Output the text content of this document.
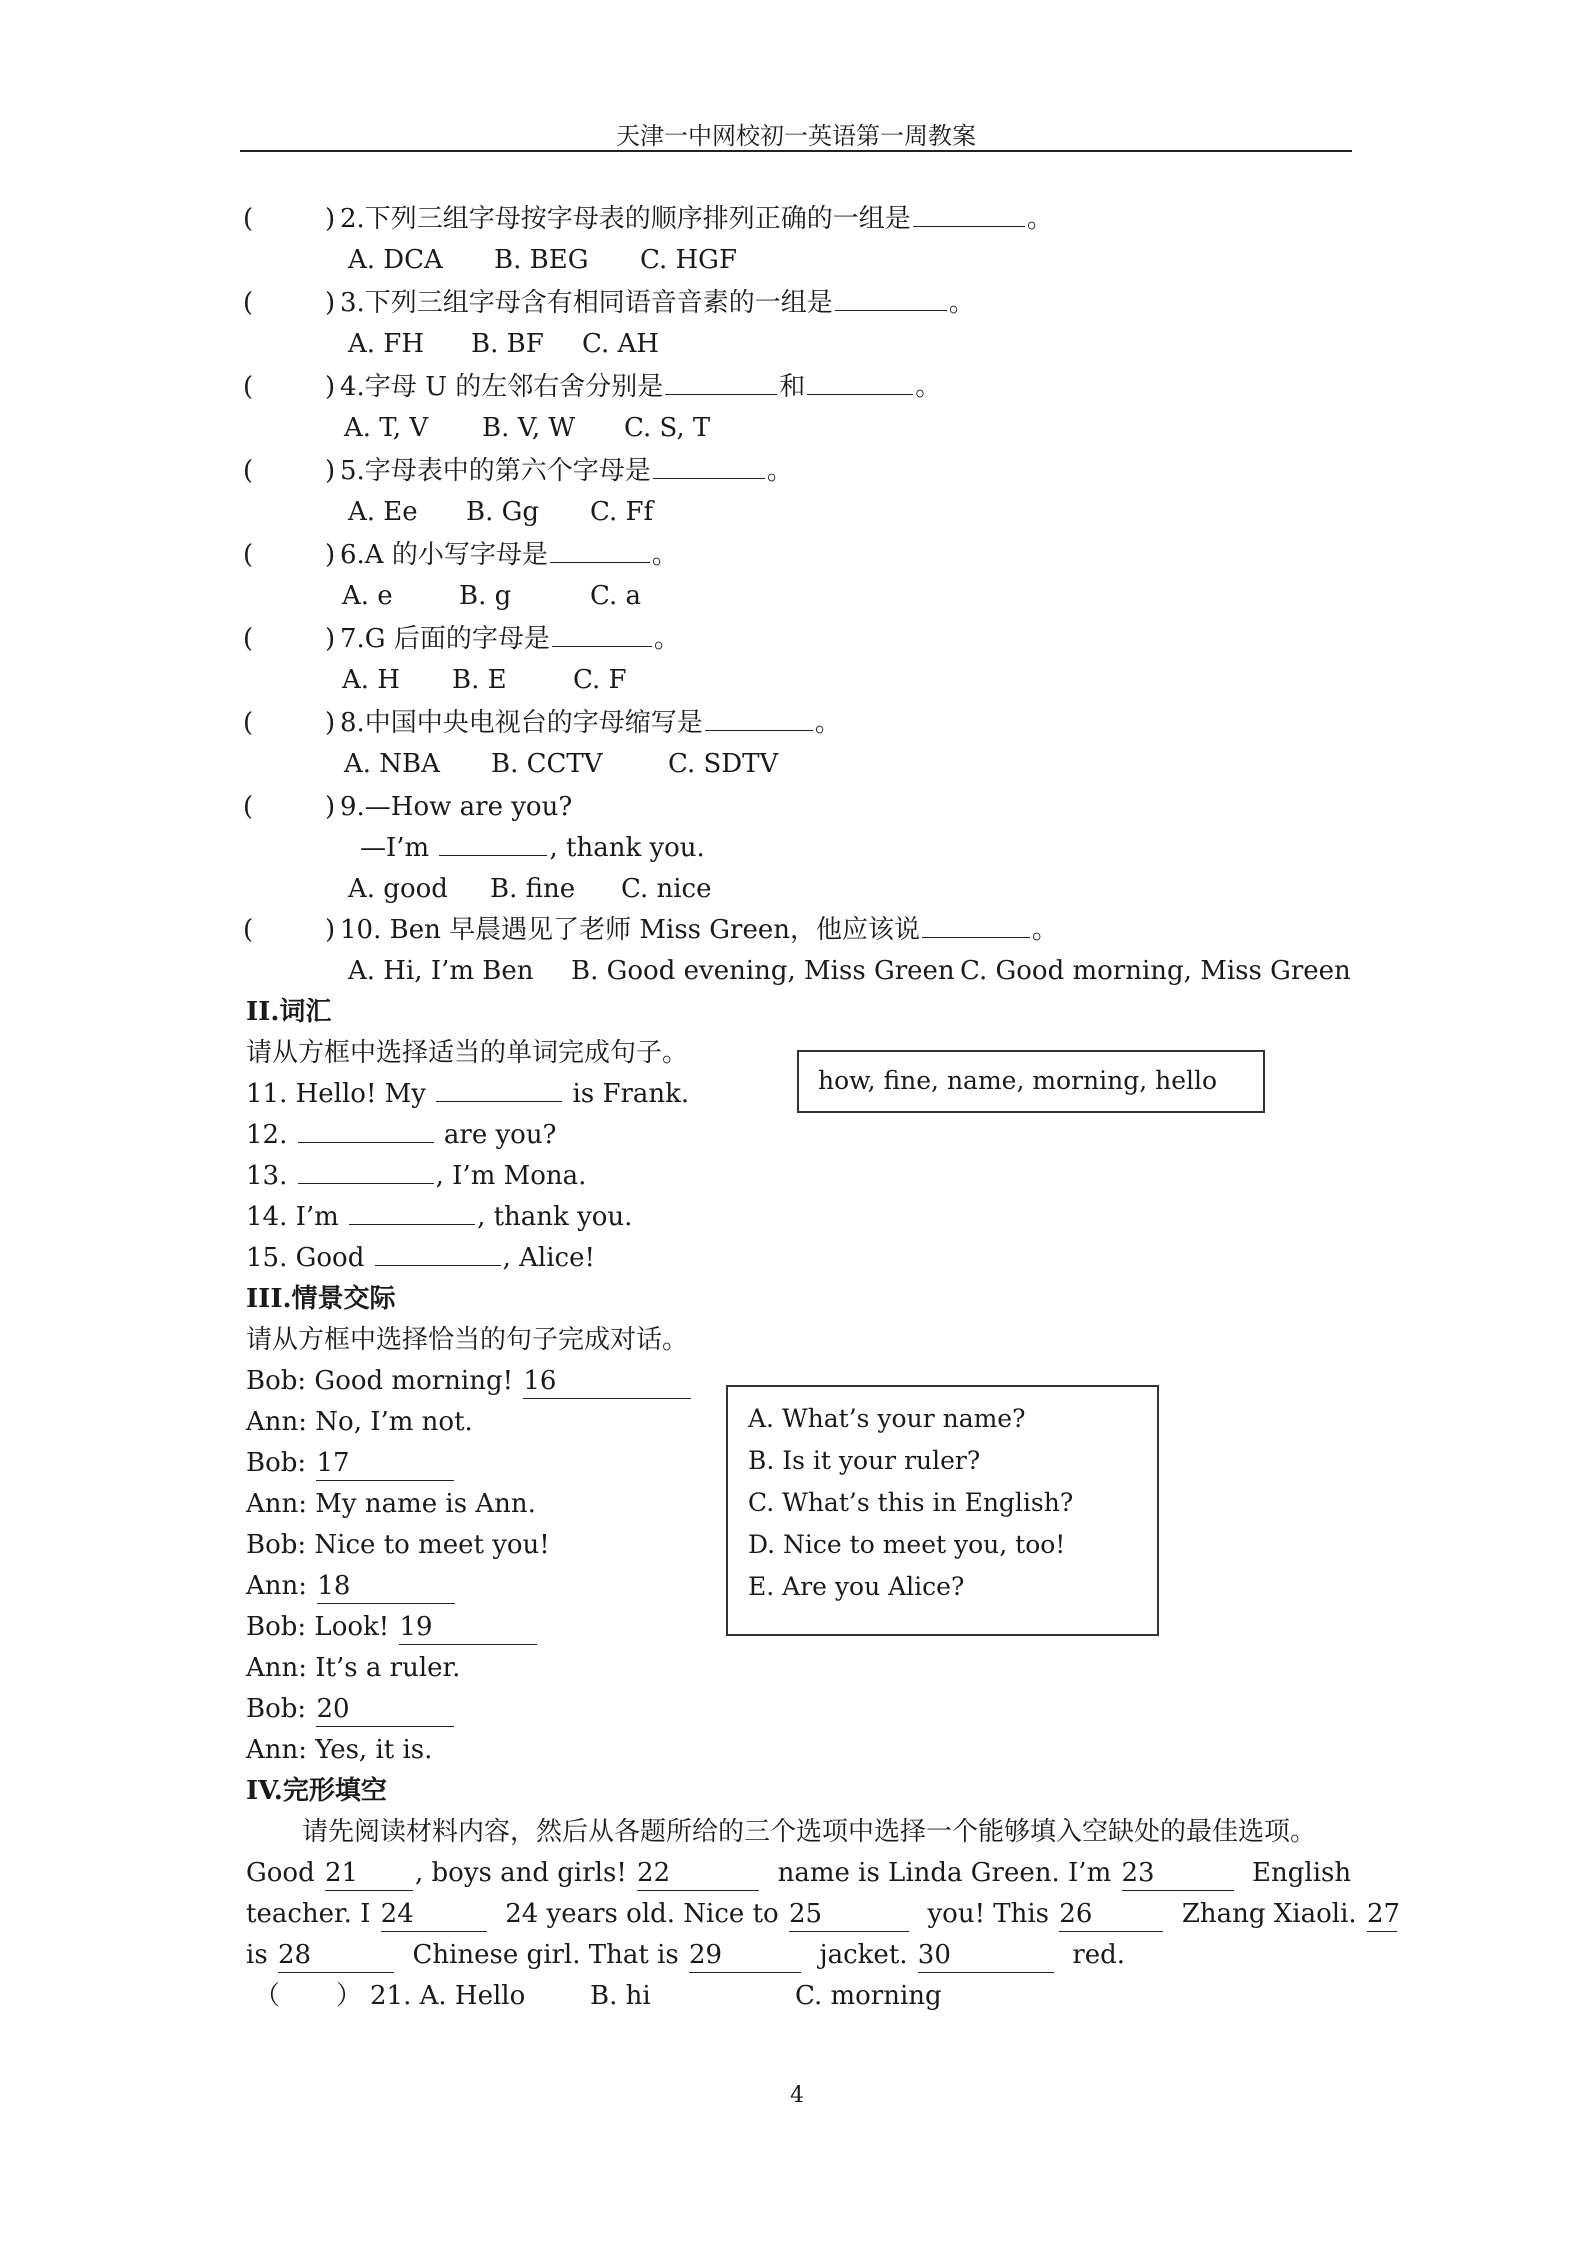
天津一中网校初一英语第一周教案
(	) 2.下列三组字母按字母表的顺序排列正确的一组是	。
A. DCA B. BEG C. HGF
(	) 3.下列三组字母含有相同语音音素的一组是	。
A. FH B. BF C. AH
(	) 4.字母 U 的左邻右舍分别是	和	。
A. T, V B. V, W C. S, T
(	) 5.字母表中的第六个字母是	。
A. Ee B. Gg C. Ff
(	) 6.A 的小写字母是	。
A. e	B. g	C. a
(	) 7.G 后面的字母是	。
A. H B. E	C. F
(	) 8.中国中央电视台的字母缩写是	。
A. NBA B. CCTV	C. SDTV
(	) 9.—How are you?
—I’m	, thank you.
A. good B. fine C. nice
(	) 10. Ben 早晨遇见了老师 Miss Green，他应该说	。
A. Hi, I’m Ben B. Good evening, Miss Green C. Good morning, Miss Green
II.词汇
请从方框中选择适当的单词完成句子。
how, fine, name, morning, hello
11. Hello! My	is Frank.
12.	are you?
13.	, I’m Mona.
14. I’m	, thank you.
15. Good	, Alice!
III.情景交际
请从方框中选择恰当的句子完成对话。
Bob: Good morning! 16
Ann: No, I’m not.
Bob: 17
Ann: My name is Ann.
Bob: Nice to meet you!
Ann: 18
Bob: Look! 19
Ann: It’s a ruler.
Bob: 20
Ann: Yes, it is.
A. What’s your name?
B. Is it your ruler?
C. What’s this in English?
D. Nice to meet you, too!
E. Are you Alice?
IV.完形填空
请先阅读材料内容，然后从各题所给的三个选项中选择一个能够填入空缺处的最佳选项。
Good 21 , boys and girls! 22	name is Linda Green. I’m 23	English
teacher. I 24	24 years old. Nice to 25	you! This 26	Zhang Xiaoli. 27
is 28	Chinese girl. That is 29	jacket. 30	red.
（ ） 21. A. Hello B. hi	C. morning
4
